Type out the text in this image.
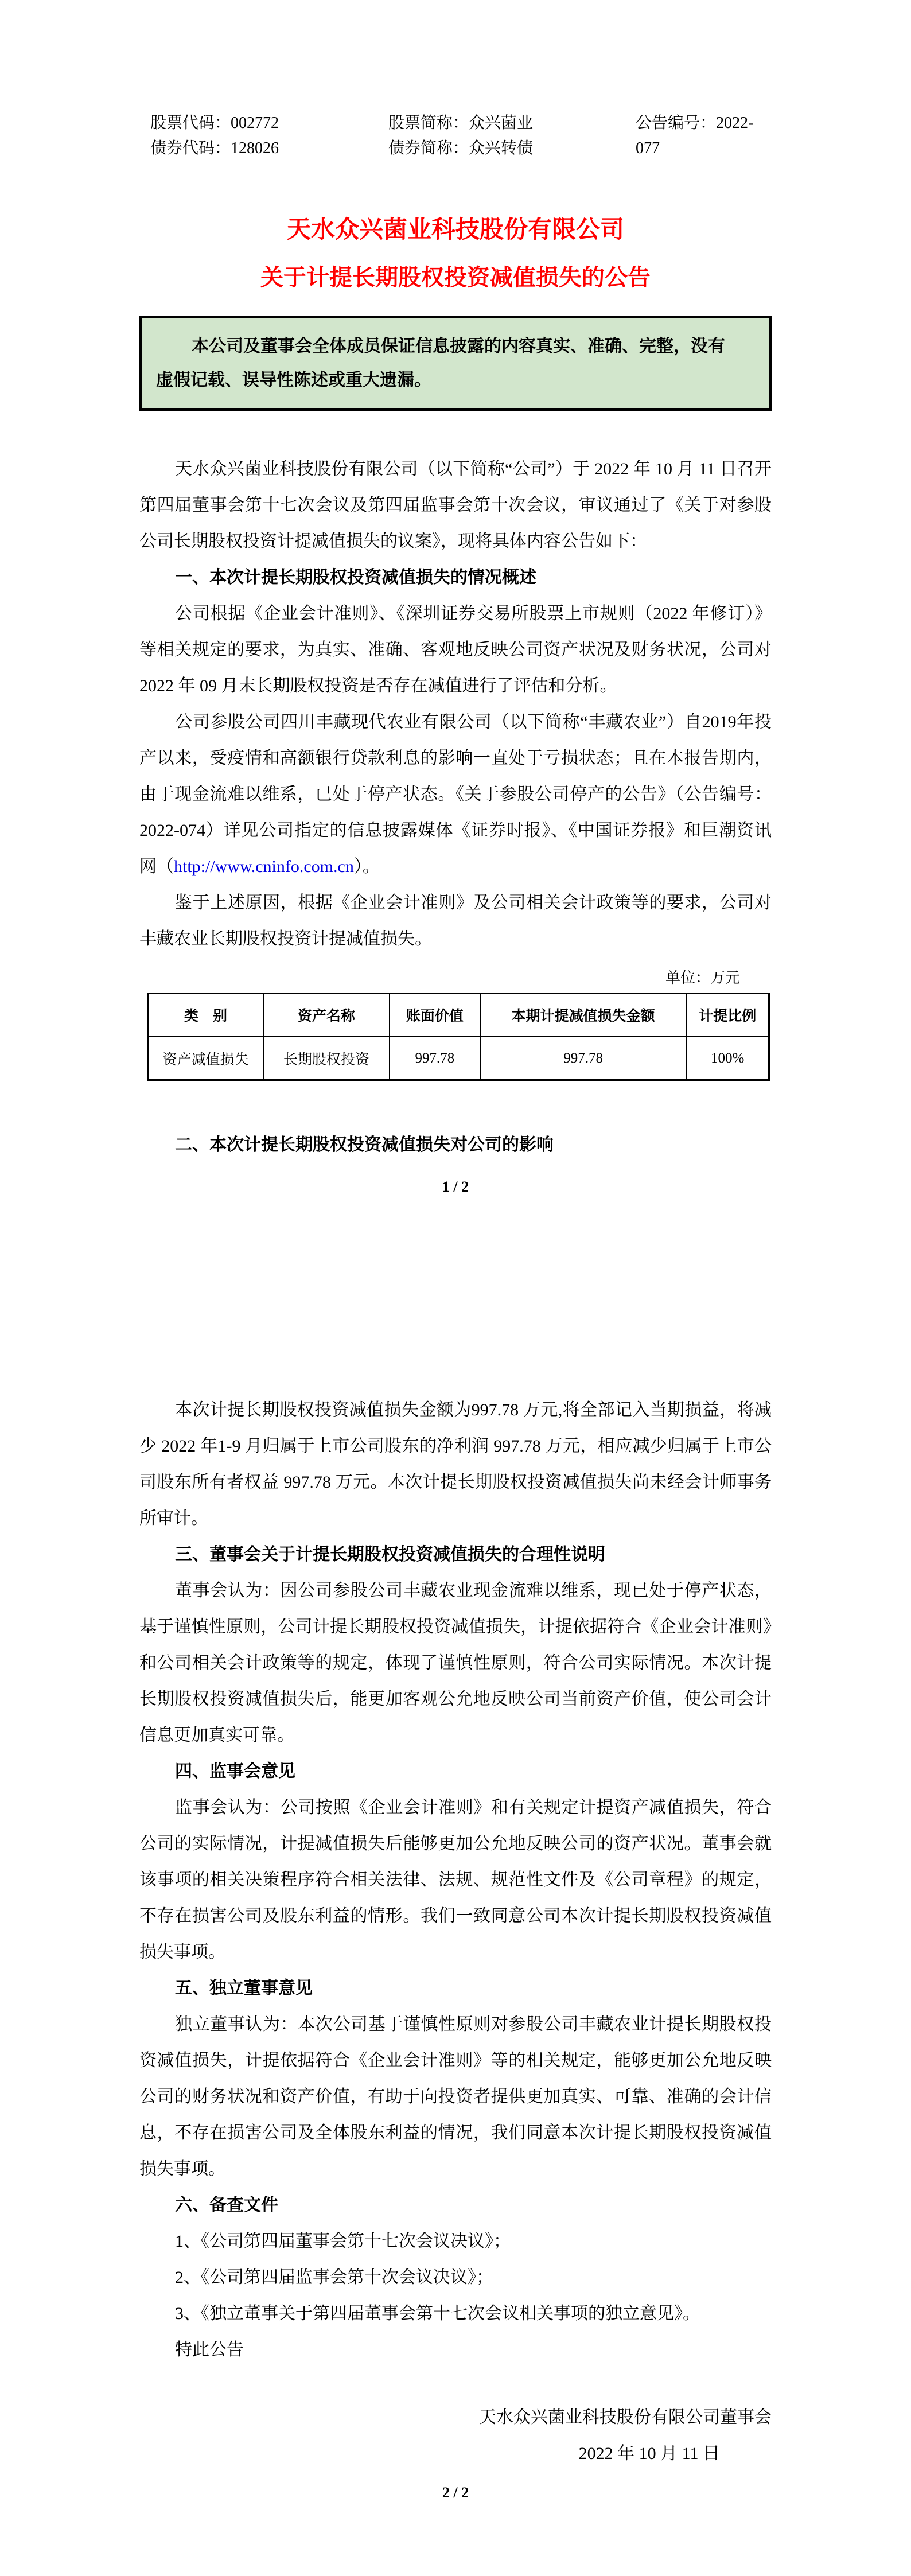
股票代码：002772
债券代码：128026
股票简称：众兴菌业
债券简称：众兴转债
公告编号：2022-077
天水众兴菌业科技股份有限公司
关于计提长期股权投资减值损失的公告
本公司及董事会全体成员保证信息披露的内容真实、准确、完整，没有
虚假记载、误导性陈述或重大遗漏。

天水众兴菌业科技股份有限公司（以下简称“公司”）于 2022 年 10 月 11 日召开第四届董事会第十七次会议及第四届监事会第十次会议，审议通过了《关于对参股公司长期股权投资计提减值损失的议案》，现将具体内容公告如下：

一、本次计提长期股权投资减值损失的情况概述

公司根据《企业会计准则》、《深圳证券交易所股票上市规则（2022 年修订）》等相关规定的要求，为真实、准确、客观地反映公司资产状况及财务状况，公司对 2022 年 09 月末长期股权投资是否存在减值进行了评估和分析。

公司参股公司四川丰藏现代农业有限公司（以下简称“丰藏农业”）自2019年投产以来，受疫情和高额银行贷款利息的影响一直处于亏损状态；且在本报告期内，由于现金流难以维系，已处于停产状态。《关于参股公司停产的公告》（公告编号：2022-074）详见公司指定的信息披露媒体《证券时报》、《中国证券报》和巨潮资讯网（http://www.cninfo.com.cn）。

鉴于上述原因，根据《企业会计准则》及公司相关会计政策等的要求，公司对丰藏农业长期股权投资计提减值损失。

单位：万元
类　别	资产名称	账面价值	本期计提减值损失金额	计提比例
资产减值损失	长期股权投资	997.78	997.78	100%

二、本次计提长期股权投资减值损失对公司的影响

1 / 2

本次计提长期股权投资减值损失金额为997.78 万元,将全部记入当期损益，将减少 2022 年1-9 月归属于上市公司股东的净利润 997.78 万元，相应减少归属于上市公司股东所有者权益 997.78 万元。本次计提长期股权投资减值损失尚未经会计师事务所审计。

三、董事会关于计提长期股权投资减值损失的合理性说明

董事会认为：因公司参股公司丰藏农业现金流难以维系，现已处于停产状态，基于谨慎性原则，公司计提长期股权投资减值损失，计提依据符合《企业会计准则》和公司相关会计政策等的规定，体现了谨慎性原则，符合公司实际情况。本次计提长期股权投资减值损失后，能更加客观公允地反映公司当前资产价值，使公司会计信息更加真实可靠。

四、监事会意见

监事会认为：公司按照《企业会计准则》和有关规定计提资产减值损失，符合公司的实际情况，计提减值损失后能够更加公允地反映公司的资产状况。董事会就该事项的相关决策程序符合相关法律、法规、规范性文件及《公司章程》的规定，不存在损害公司及股东利益的情形。我们一致同意公司本次计提长期股权投资减值损失事项。

五、独立董事意见

独立董事认为：本次公司基于谨慎性原则对参股公司丰藏农业计提长期股权投资减值损失，计提依据符合《企业会计准则》等的相关规定，能够更加公允地反映公司的财务状况和资产价值，有助于向投资者提供更加真实、可靠、准确的会计信息，不存在损害公司及全体股东利益的情况，我们同意本次计提长期股权投资减值损失事项。

六、备查文件

1、《公司第四届董事会第十七次会议决议》；

2、《公司第四届监事会第十次会议决议》；

3、《独立董事关于第四届董事会第十七次会议相关事项的独立意见》。

特此公告

天水众兴菌业科技股份有限公司董事会

2022 年 10 月 11 日

2 / 2
